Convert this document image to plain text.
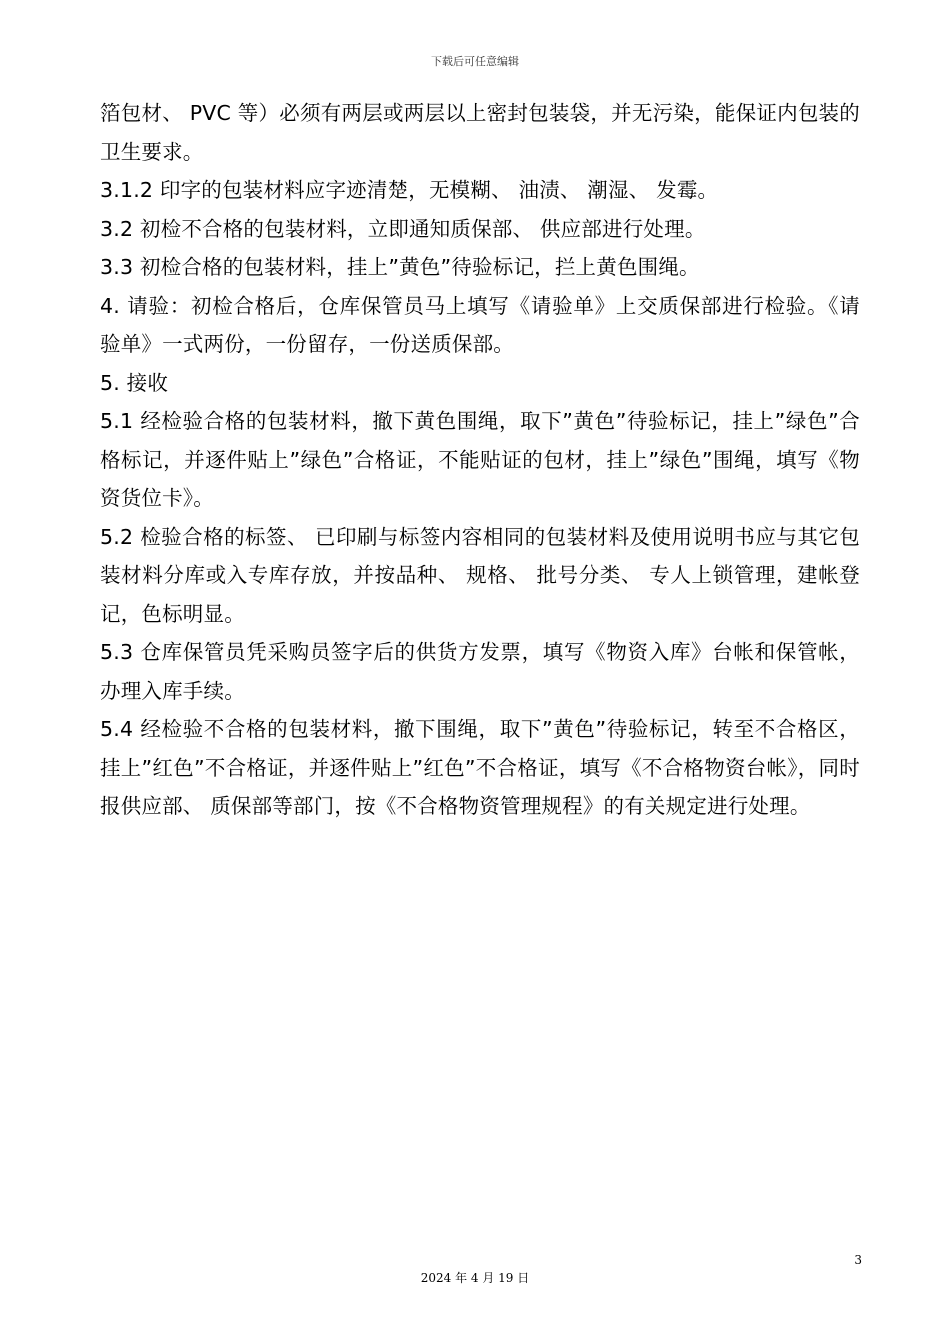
下载后可任意编辑

箔包材、 PVC 等）必须有两层或两层以上密封包装袋，并无污染，能保证内包装的卫生要求。

3.1.2 印字的包装材料应字迹清楚，无模糊、 油渍、 潮湿、 发霉。

3.2 初检不合格的包装材料，立即通知质保部、 供应部进行处理。

3.3 初检合格的包装材料，挂上”黄色”待验标记，拦上黄色围绳。

4. 请验：初检合格后，仓库保管员马上填写《请验单》上交质保部进行检验。《请验单》一式两份，一份留存，一份送质保部。

5. 接收

5.1 经检验合格的包装材料，撤下黄色围绳，取下”黄色”待验标记，挂上”绿色”合格标记，并逐件贴上”绿色”合格证，不能贴证的包材，挂上”绿色”围绳，填写《物资货位卡》。

5.2 检验合格的标签、 已印刷与标签内容相同的包装材料及使用说明书应与其它包装材料分库或入专库存放，并按品种、 规格、 批号分类、 专人上锁管理，建帐登记，色标明显。

5.3 仓库保管员凭采购员签字后的供货方发票，填写《物资入库》台帐和保管帐，办理入库手续。

5.4 经检验不合格的包装材料，撤下围绳，取下”黄色”待验标记，转至不合格区，挂上”红色”不合格证，并逐件贴上”红色”不合格证，填写《不合格物资台帐》，同时报供应部、 质保部等部门，按《不合格物资管理规程》的有关规定进行处理。

3
2024 年 4 月 19 日
